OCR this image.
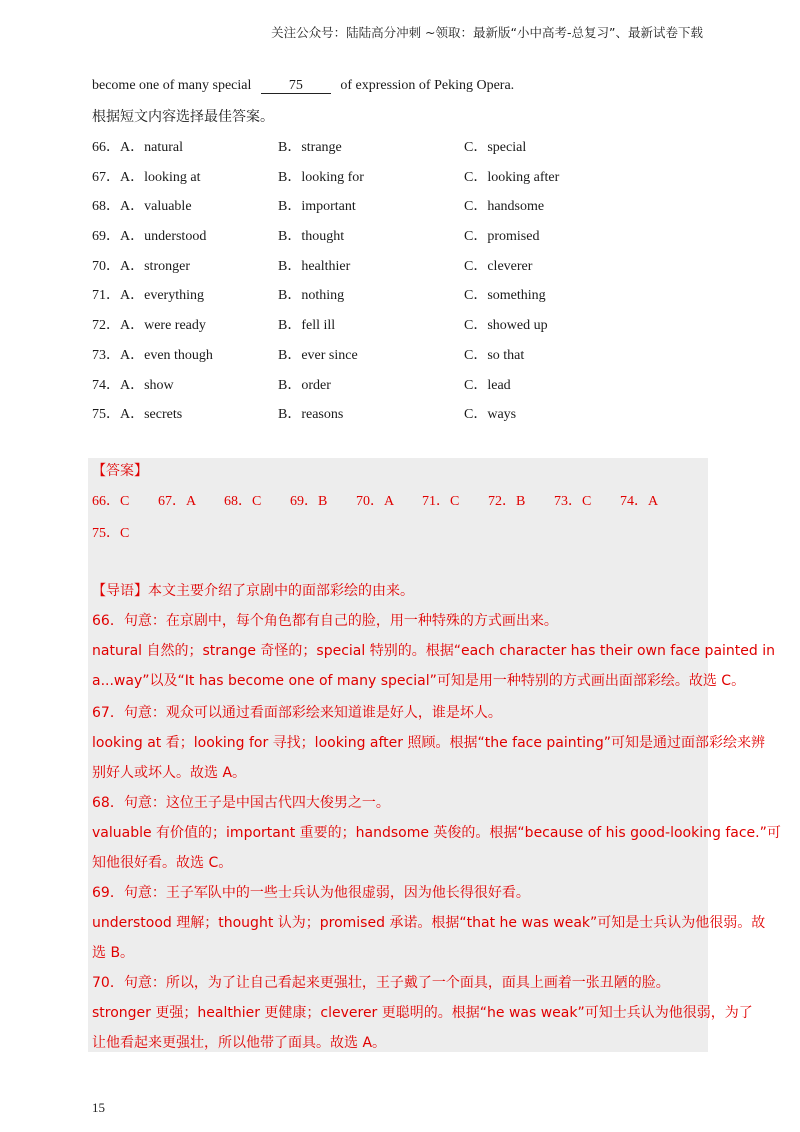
关注公众号：陆陆高分冲刺 ~领取：最新版“小中高考-总复习”、最新试卷下载
become one of many special	75	of expression of Peking Opera.
根据短文内容选择最佳答案。
66．A．natural	B．strange	C．special
67．A．looking at	B．looking for	C．looking after
68．A．valuable	B．important	C．handsome
69．A．understood	B．thought	C．promised
70．A．stronger	B．healthier	C．cleverer
71．A．everything	B．nothing	C．something
72．A．were ready	B．fell ill	C．showed up
73．A．even though	B．ever since	C．so that
74．A．show	B．order	C．lead
75．A．secrets	B．reasons	C．ways
【答案】
66．C 67．A 68．C 69．B 70．A 71．C 72．B 73．C 74．A
75．C
【导语】本文主要介绍了京剧中的面部彩绘的由来。
66．句意：在京剧中，每个角色都有自己的脸，用一种特殊的方式画出来。
natural 自然的；strange 奇怪的；special 特别的。根据“each character has their own face painted in
a...way”以及“It has become one of many special”可知是用一种特别的方式画出面部彩绘。故选 C。
67．句意：观众可以通过看面部彩绘来知道谁是好人，谁是坏人。
looking at 看；looking for 寻找；looking after 照顾。根据“the face painting”可知是通过面部彩绘来辨
别好人或坏人。故选 A。
68．句意：这位王子是中国古代四大俊男之一。
valuable 有价值的；important 重要的；handsome 英俊的。根据“because of his good-looking face.”可
知他很好看。故选 C。
69．句意：王子军队中的一些士兵认为他很虚弱，因为他长得很好看。
understood 理解；thought 认为；promised 承诺。根据“that he was weak”可知是士兵认为他很弱。故
选 B。
70．句意：所以，为了让自己看起来更强壮，王子戴了一个面具，面具上画着一张丑陋的脸。
stronger 更强；healthier 更健康；cleverer 更聪明的。根据“he was weak”可知士兵认为他很弱，为了
让他看起来更强壮，所以他带了面具。故选 A。
15
